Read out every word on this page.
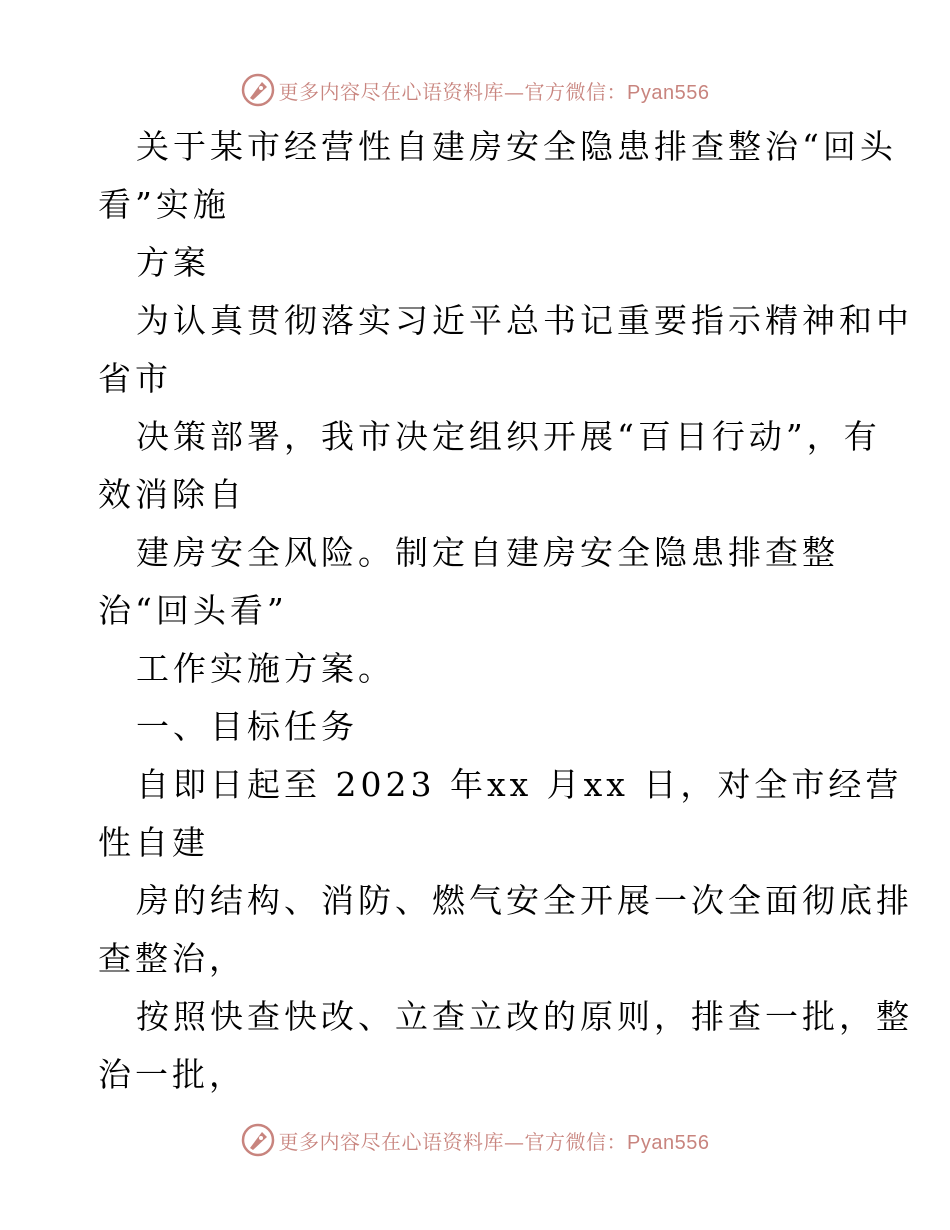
更多内容尽在心语资料库—官方微信：Pyan556
关于某市经营性自建房安全隐患排查整治“回头
看”实施
方案
为认真贯彻落实习近平总书记重要指示精神和中
省市
决策部署，我市决定组织开展“百日行动”，有
效消除自
建房安全风险。制定自建房安全隐患排查整
治“回头看”
工作实施方案。
一、目标任务
自即日起至 2023 年xx 月xx 日，对全市经营
性自建
房的结构、消防、燃气安全开展一次全面彻底排
查整治，
按照快查快改、立查立改的原则，排查一批，整
治一批，
更多内容尽在心语资料库—官方微信：Pyan556
